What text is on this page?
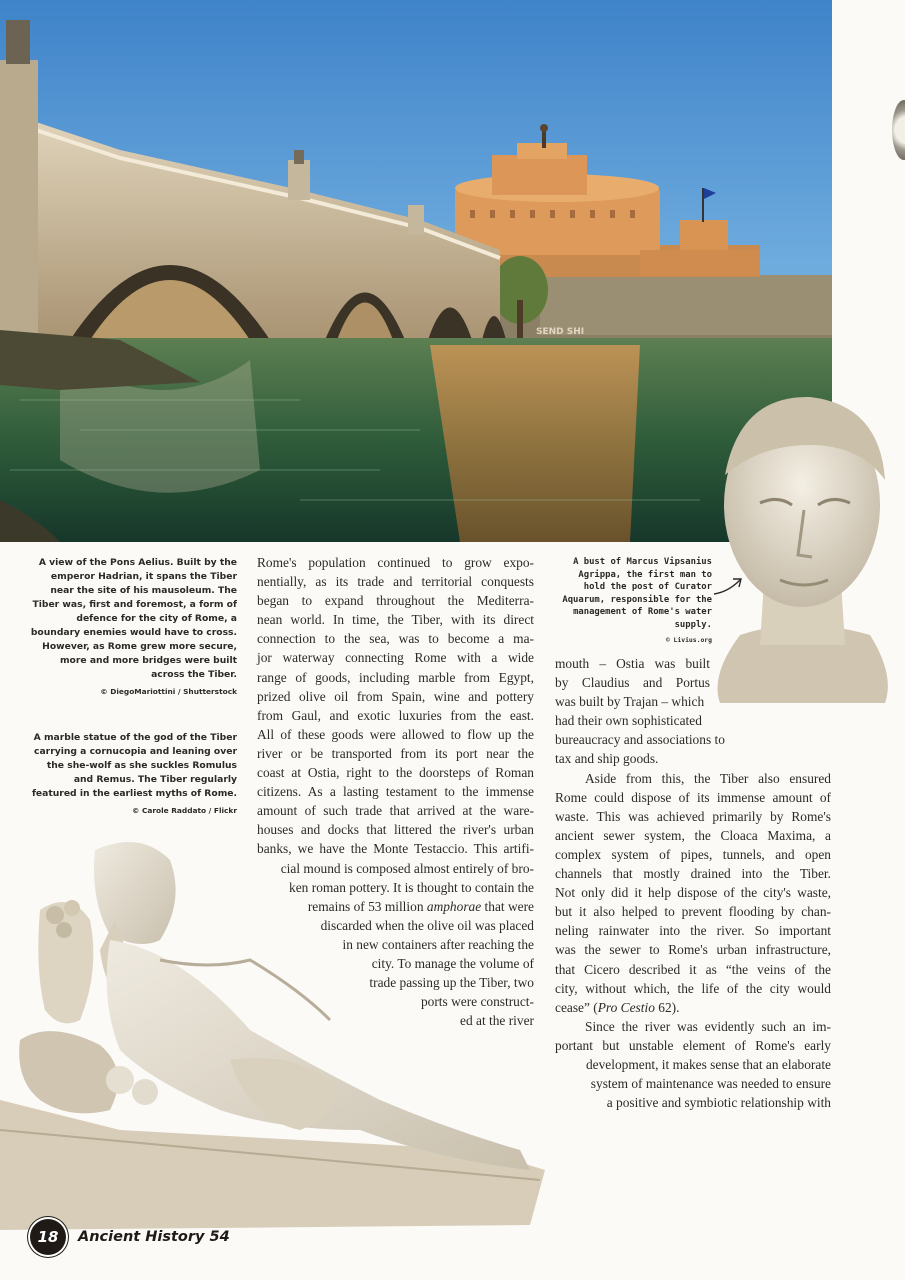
SEND SHI
A view of the Pons Aelius. Built by the emperor Hadrian, it spans the Tiber near the site of his mausoleum. The Tiber was, first and foremost, a form of defence for the city of Rome, a boundary enemies would have to cross. However, as Rome grew more secure, more and more bridges were built across the Tiber.
© DiegoMariottini / Shutterstock
A marble statue of the god of the Tiber carrying a cornucopia and leaning over the she-wolf as she suckles Romulus and Remus. The Tiber regularly featured in the earliest myths of Rome.
© Carole Raddato / Flickr
A bust of Marcus Vipsanius Agrippa, the first man to hold the post of Curator Aquarum, responsible for the management of Rome's water supply.
© Livius.org
Rome's population continued to grow expo-
nentially, as its trade and territorial conquests
began to expand throughout the Mediterra-
nean world. In time, the Tiber, with its direct
connection to the sea, was to become a ma-
jor waterway connecting Rome with a wide
range of goods, including marble from Egypt,
prized olive oil from Spain, wine and pottery
from Gaul, and exotic luxuries from the east.
All of these goods were allowed to flow up the
river or be transported from its port near the
coast at Ostia, right to the doorsteps of Roman
citizens. As a lasting testament to the immense
amount of such trade that arrived at the ware-
houses and docks that littered the river's urban
banks, we have the Monte Testaccio. This artifi-
cial mound is composed almost entirely of bro-
ken roman pottery. It is thought to contain the
remains of 53 million amphorae that were
discarded when the olive oil was placed
in new containers after reaching the
city. To manage the volume of
trade passing up the Tiber, two
ports were construct-
ed at the river

mouth – Ostia was built
by Claudius and Portus
was built by Trajan – which
had their own sophisticated
bureaucracy and associations to
tax and ship goods.

Aside from this, the Tiber also ensured
Rome could dispose of its immense amount of
waste. This was achieved primarily by Rome's
ancient sewer system, the Cloaca Maxima, a
complex system of pipes, tunnels, and open
channels that mostly drained into the Tiber.
Not only did it help dispose of the city's waste,
but it also helped to prevent flooding by chan-
neling rainwater into the river. So important
was the sewer to Rome's urban infrastructure,
that Cicero described it as “the veins of the
city, without which, the life of the city would
cease” (Pro Cestio 62).

Since the river was evidently such an im-
portant but unstable element of Rome's early
development, it makes sense that an elaborate
system of maintenance was needed to ensure
a positive and symbiotic relationship with

18	Ancient History 54
